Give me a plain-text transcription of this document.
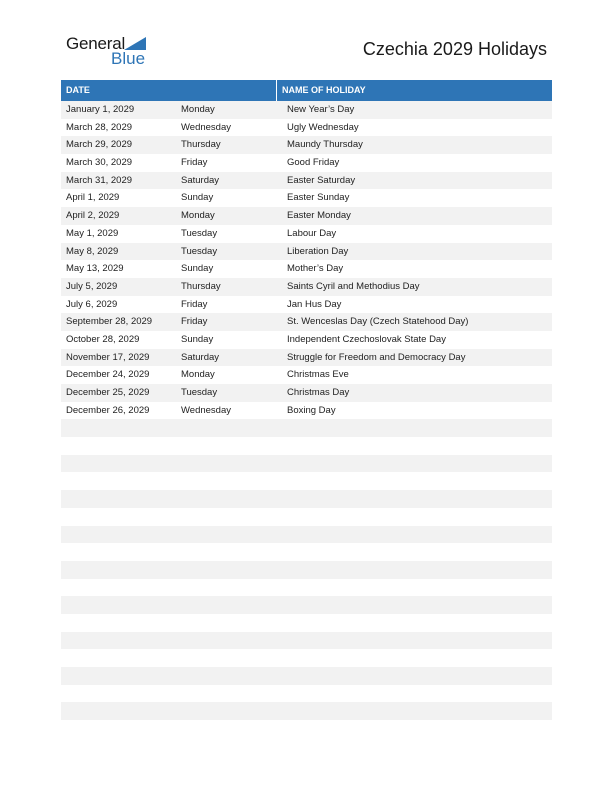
General
Blue	Czechia 2029 Holidays
DATE	NAME OF HOLIDAY
January 1, 2029	Monday	New Year’s Day
March 28, 2029	Wednesday	Ugly Wednesday
March 29, 2029	Thursday	Maundy Thursday
March 30, 2029	Friday	Good Friday
March 31, 2029	Saturday	Easter Saturday
April 1, 2029	Sunday	Easter Sunday
April 2, 2029	Monday	Easter Monday
May 1, 2029	Tuesday	Labour Day
May 8, 2029	Tuesday	Liberation Day
May 13, 2029	Sunday	Mother’s Day
July 5, 2029	Thursday	Saints Cyril and Methodius Day
July 6, 2029	Friday	Jan Hus Day
September 28, 2029	Friday	St. Wenceslas Day (Czech Statehood Day)
October 28, 2029	Sunday	Independent Czechoslovak State Day
November 17, 2029	Saturday	Struggle for Freedom and Democracy Day
December 24, 2029	Monday	Christmas Eve
December 25, 2029	Tuesday	Christmas Day
December 26, 2029	Wednesday	Boxing Day
